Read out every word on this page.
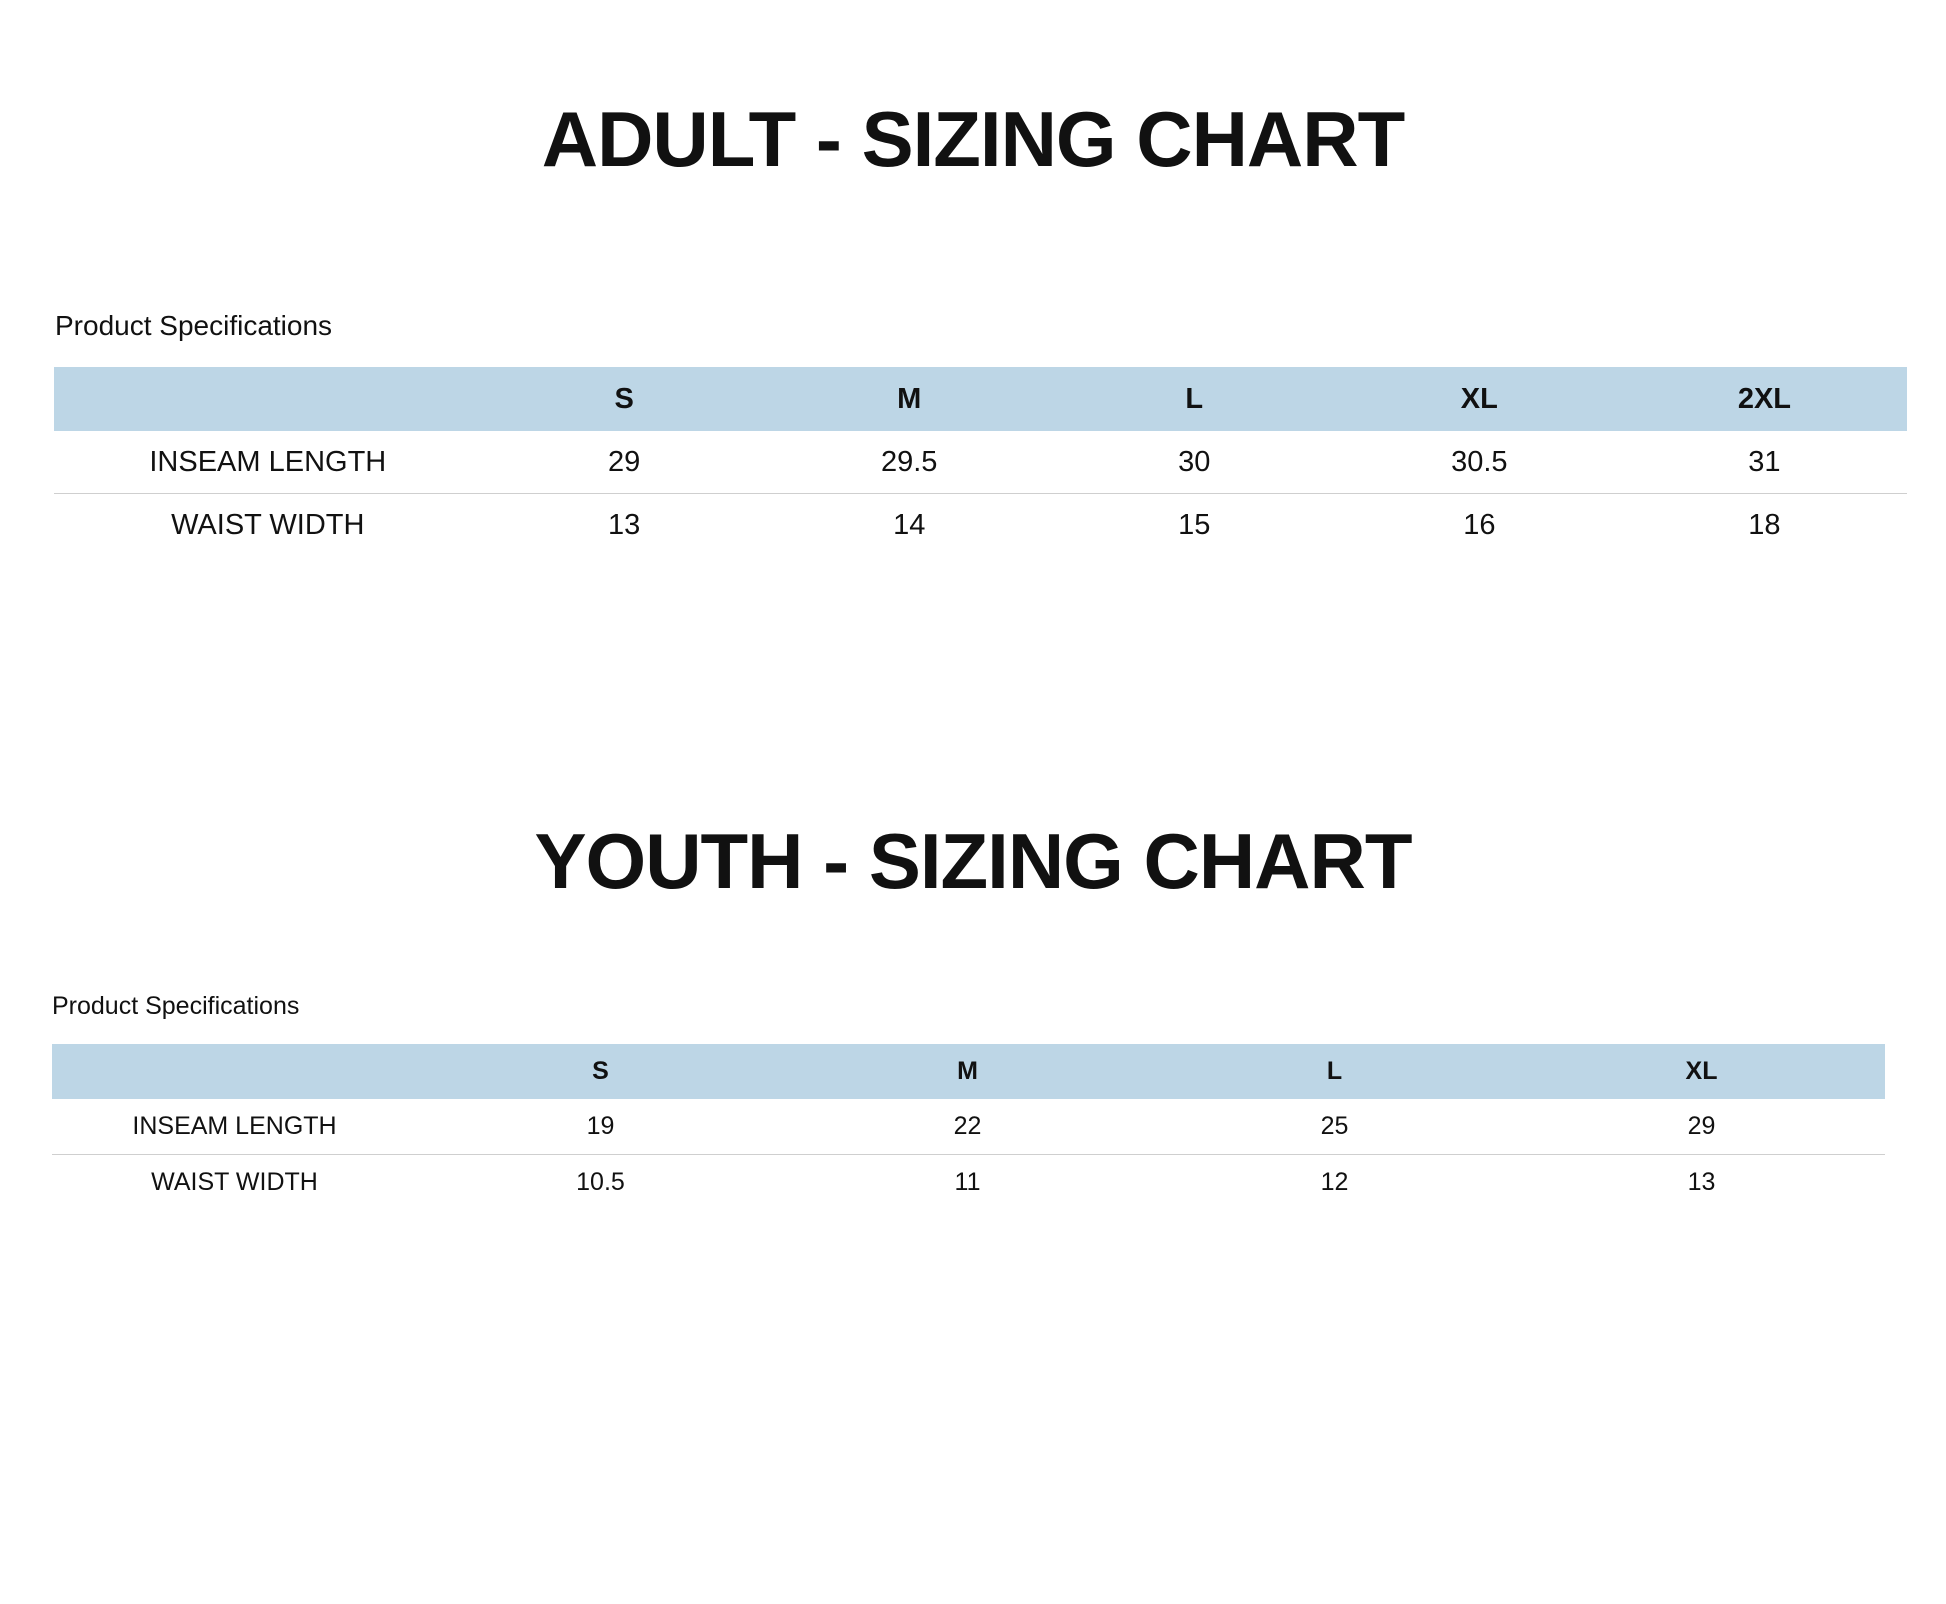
ADULT - SIZING CHART

Product Specifications

	S	M	L	XL	2XL
INSEAM LENGTH	29	29.5	30	30.5	31
WAIST WIDTH	13	14	15	16	18
YOUTH - SIZING CHART

Product Specifications

	S	M	L	XL
INSEAM LENGTH	19	22	25	29
WAIST WIDTH	10.5	11	12	13
